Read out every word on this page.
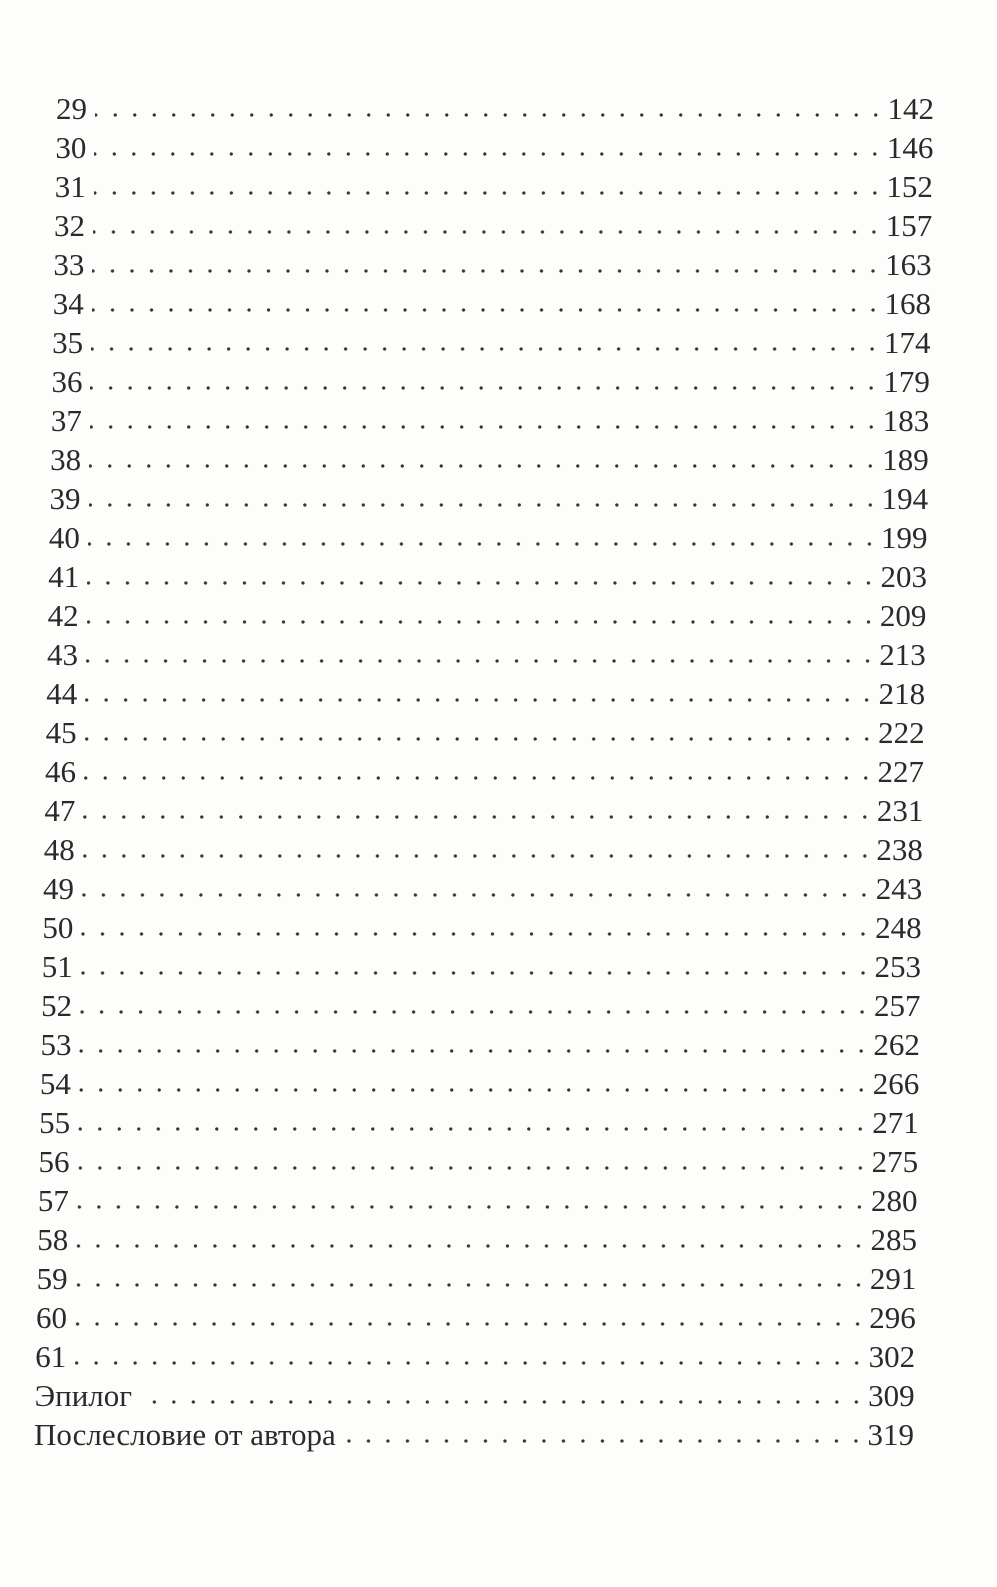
29	142
30	146
31	152
32	157
33	163
34	168
35	174
36	179
37	183
38	189
39	194
40	199
41	203
42	209
43	213
44	218
45	222
46	227
47	231
48	238
49	243
50	248
51	253
52	257
53	262
54	266
55	271
56	275
57	280
58	285
59	291
60	296
61	302
Эпилог	309
Послесловие от автора	319
